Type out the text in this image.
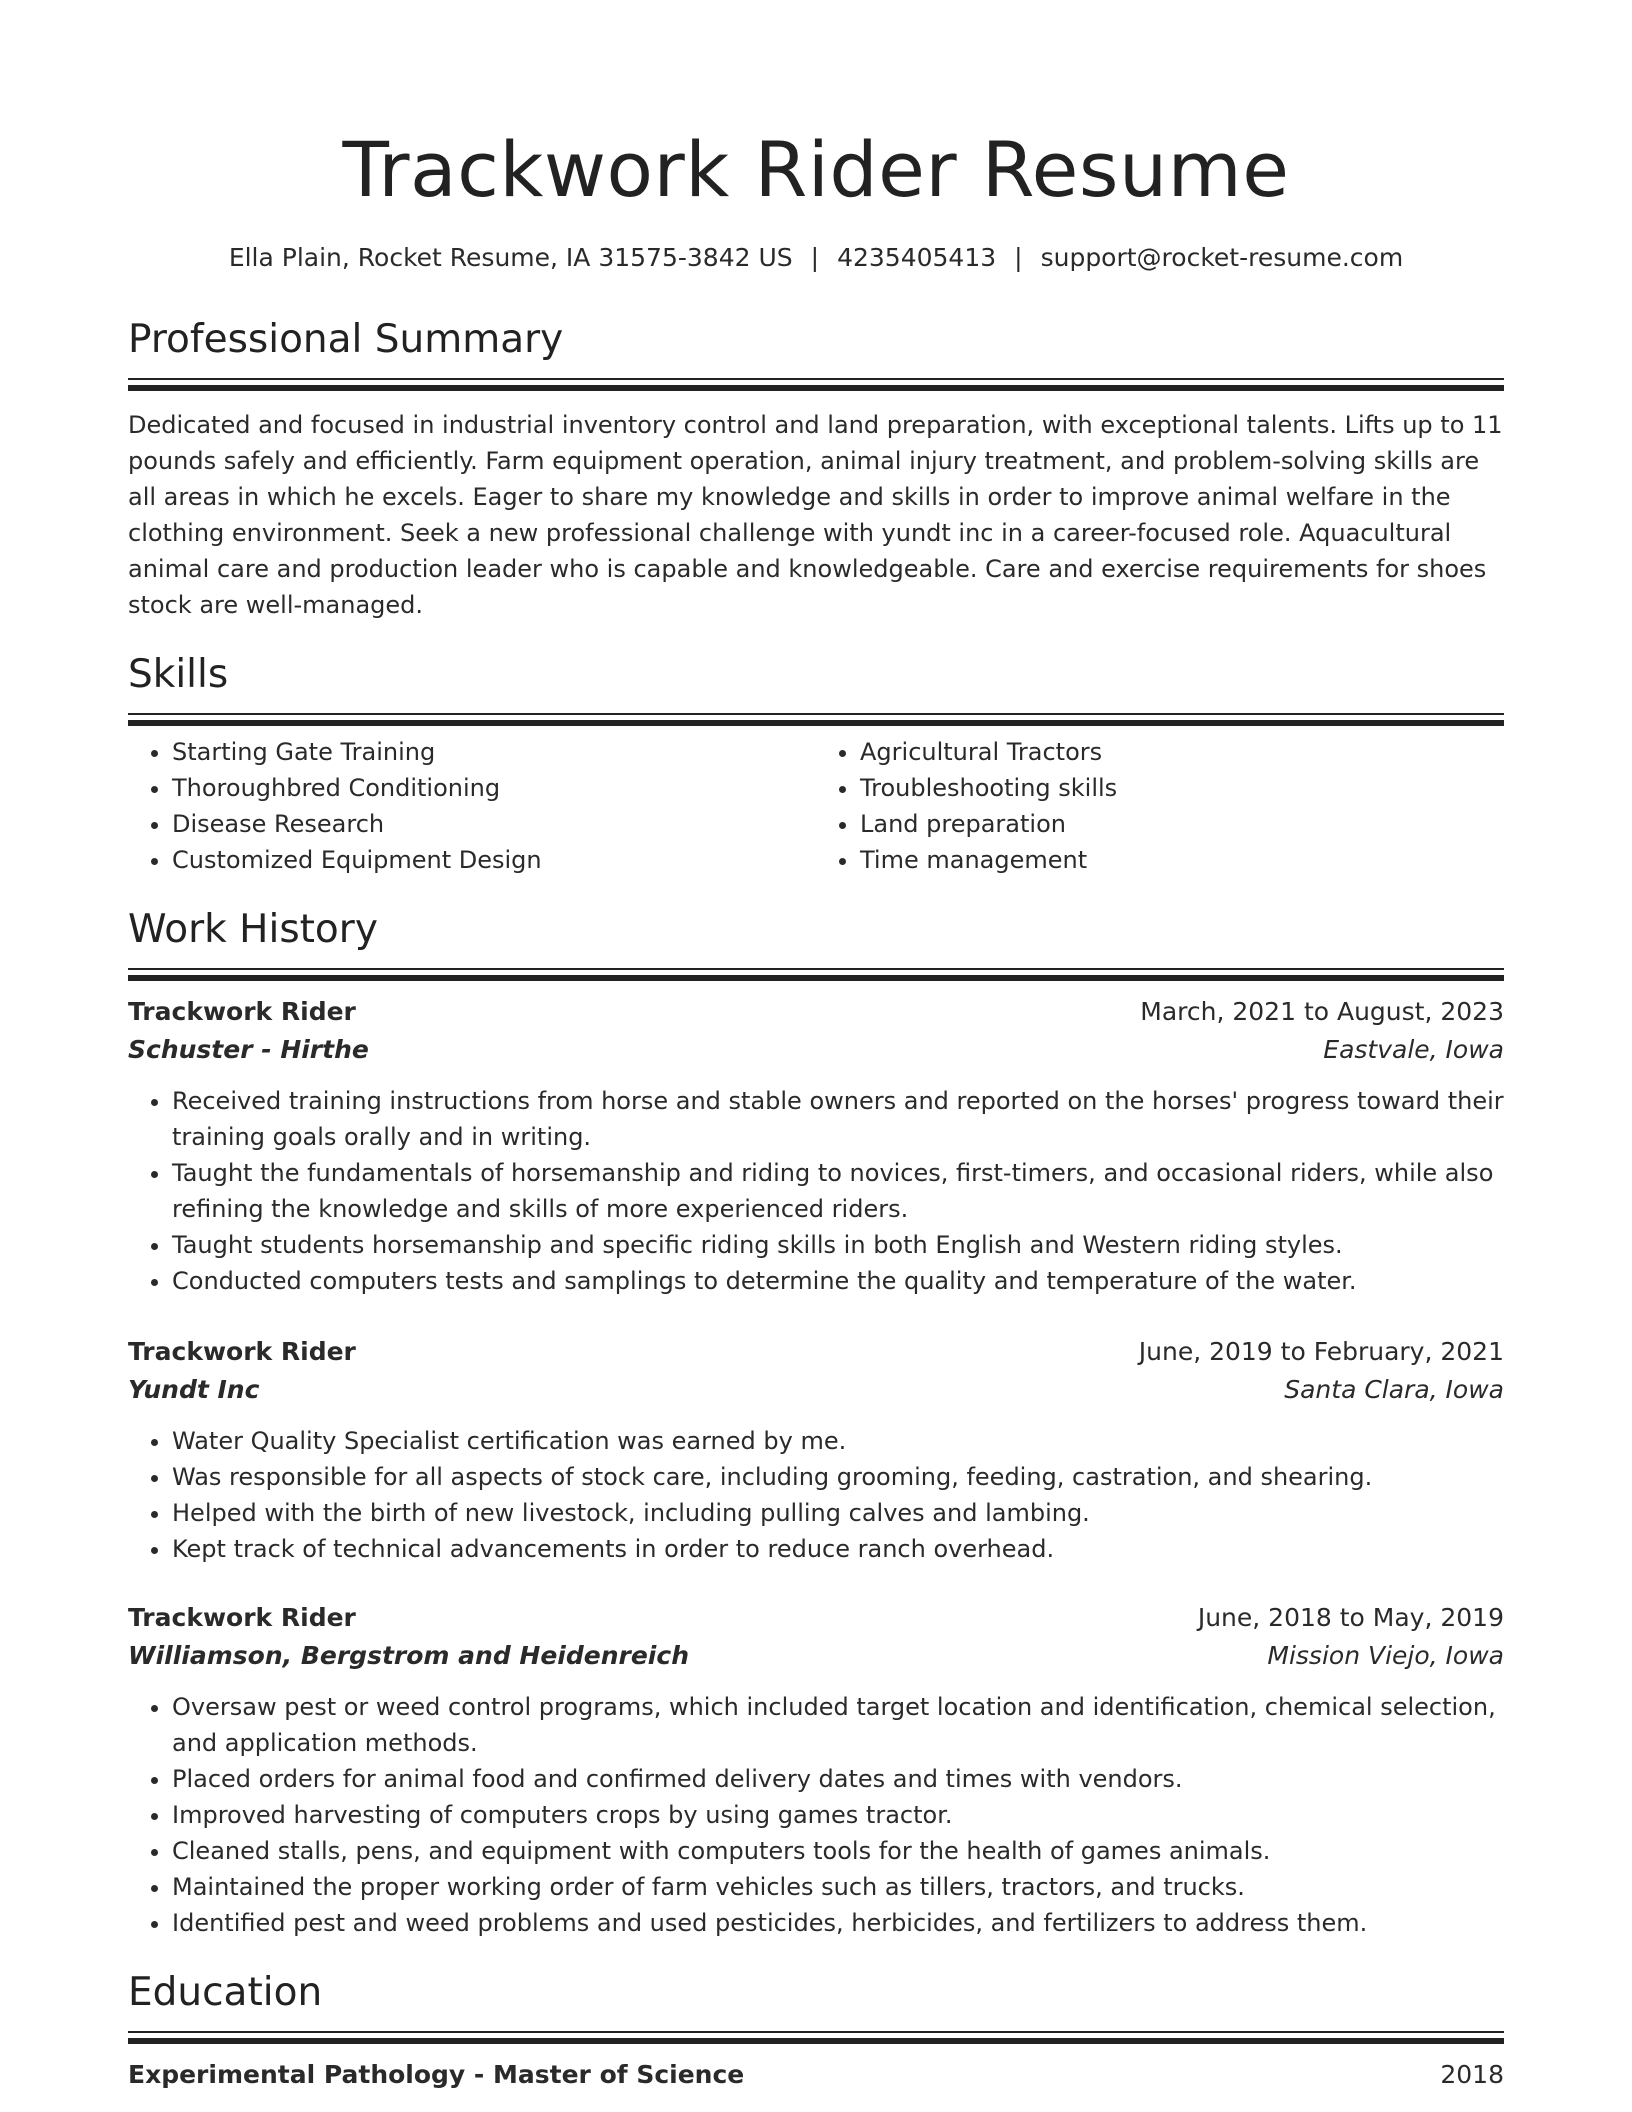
Trackwork Rider Resume
Ella Plain, Rocket Resume, IA 31575-3842 US | 4235405413 | support@rocket-resume.com
Professional Summary

Dedicated and focused in industrial inventory control and land preparation, with exceptional talents. Lifts up to 11 pounds safely and efficiently. Farm equipment operation, animal injury treatment, and problem-solving skills are all areas in which he excels. Eager to share my knowledge and skills in order to improve animal welfare in the clothing environment. Seek a new professional challenge with yundt inc in a career-focused role. Aquacultural animal care and production leader who is capable and knowledgeable. Care and exercise requirements for shoes stock are well-managed.

Skills
• Starting Gate Training
• Thoroughbred Conditioning
• Disease Research
• Customized Equipment Design
• Agricultural Tractors
• Troubleshooting skills
• Land preparation
• Time management
Work History
Trackwork Rider	March, 2021 to August, 2023
Schuster - Hirthe	Eastvale, Iowa
• Received training instructions from horse and stable owners and reported on the horses' progress toward their training goals orally and in writing.
• Taught the fundamentals of horsemanship and riding to novices, first-timers, and occasional riders, while also refining the knowledge and skills of more experienced riders.
• Taught students horsemanship and specific riding skills in both English and Western riding styles.
• Conducted computers tests and samplings to determine the quality and temperature of the water.
Trackwork Rider	June, 2019 to February, 2021
Yundt Inc	Santa Clara, Iowa
• Water Quality Specialist certification was earned by me.
• Was responsible for all aspects of stock care, including grooming, feeding, castration, and shearing.
• Helped with the birth of new livestock, including pulling calves and lambing.
• Kept track of technical advancements in order to reduce ranch overhead.
Trackwork Rider	June, 2018 to May, 2019
Williamson, Bergstrom and Heidenreich	Mission Viejo, Iowa
• Oversaw pest or weed control programs, which included target location and identification, chemical selection, and application methods.
• Placed orders for animal food and confirmed delivery dates and times with vendors.
• Improved harvesting of computers crops by using games tractor.
• Cleaned stalls, pens, and equipment with computers tools for the health of games animals.
• Maintained the proper working order of farm vehicles such as tillers, tractors, and trucks.
• Identified pest and weed problems and used pesticides, herbicides, and fertilizers to address them.
Education
Experimental Pathology - Master of Science	2018
